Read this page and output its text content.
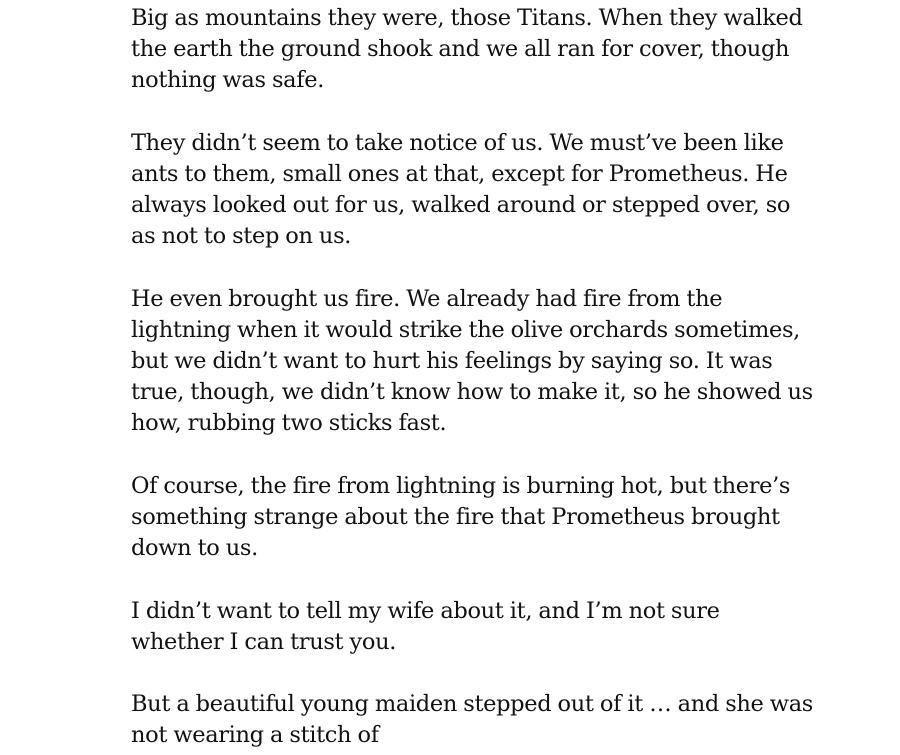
Big as mountains they were, those Titans. When they walked
the earth the ground shook and we all ran for cover, though
nothing was safe.

They didn’t seem to take notice of us. We must’ve been like
ants to them, small ones at that, except for Prometheus. He
always looked out for us, walked around or stepped over, so
as not to step on us.

He even brought us fire. We already had fire from the
lightning when it would strike the olive orchards sometimes,
but we didn’t want to hurt his feelings by saying so. It was
true, though, we didn’t know how to make it, so he showed us
how, rubbing two sticks fast.

Of course, the fire from lightning is burning hot, but there’s
something strange about the fire that Prometheus brought
down to us.

I didn’t want to tell my wife about it, and I’m not sure
whether I can trust you.

But a beautiful young maiden stepped out of it … and she was
not wearing a stitch of
